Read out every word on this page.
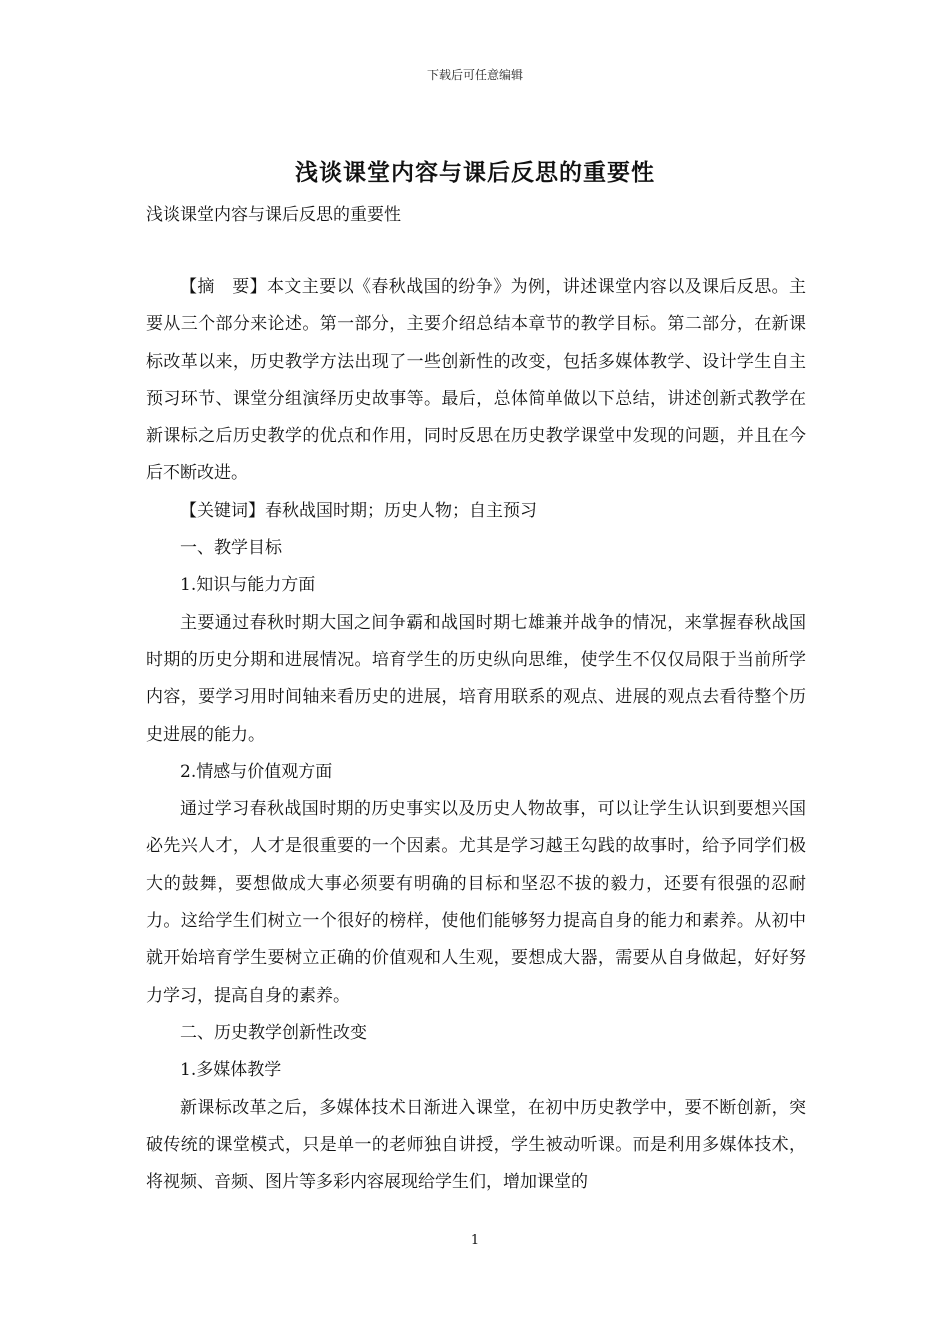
下载后可任意编辑
浅谈课堂内容与课后反思的重要性

浅谈课堂内容与课后反思的重要性

【摘　要】本文主要以《春秋战国的纷争》为例，讲述课堂内容以及课后反思。主要从三个部分来论述。第一部分，主要介绍总结本章节的教学目标。第二部分，在新课标改革以来，历史教学方法出现了一些创新性的改变，包括多媒体教学、设计学生自主预习环节、课堂分组演绎历史故事等。最后，总体简单做以下总结，讲述创新式教学在新课标之后历史教学的优点和作用，同时反思在历史教学课堂中发现的问题，并且在今后不断改进。

【关键词】春秋战国时期；历史人物；自主预习

一、教学目标

1.知识与能力方面

主要通过春秋时期大国之间争霸和战国时期七雄兼并战争的情况，来掌握春秋战国时期的历史分期和进展情况。培育学生的历史纵向思维，使学生不仅仅局限于当前所学内容，要学习用时间轴来看历史的进展，培育用联系的观点、进展的观点去看待整个历史进展的能力。

2.情感与价值观方面

通过学习春秋战国时期的历史事实以及历史人物故事，可以让学生认识到要想兴国必先兴人才，人才是很重要的一个因素。尤其是学习越王勾践的故事时，给予同学们极大的鼓舞，要想做成大事必须要有明确的目标和坚忍不拔的毅力，还要有很强的忍耐力。这给学生们树立一个很好的榜样，使他们能够努力提高自身的能力和素养。从初中就开始培育学生要树立正确的价值观和人生观，要想成大器，需要从自身做起，好好努力学习，提高自身的素养。

二、历史教学创新性改变

1.多媒体教学

新课标改革之后，多媒体技术日渐进入课堂，在初中历史教学中，要不断创新，突破传统的课堂模式，只是单一的老师独自讲授，学生被动听课。而是利用多媒体技术，将视频、音频、图片等多彩内容展现给学生们，增加课堂的

1
